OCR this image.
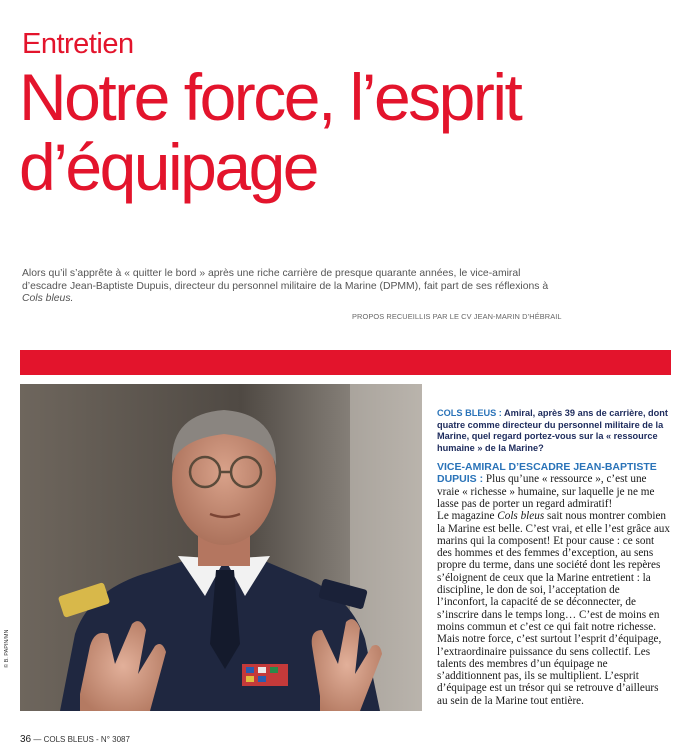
Entretien
Notre force, l’esprit
d’équipage

Alors qu’il s’apprête à « quitter le bord » après une riche carrière de presque quarante années, le vice-amiral d’escadre Jean-Baptiste Dupuis, directeur du personnel militaire de la Marine (DPMM), fait part de ses réflexions à Cols bleus.

PROPOS RECUEILLIS PAR LE CV JEAN-MARIN D’HÉBRAIL
© B. PAPIN/MN

COLS BLEUS : Amiral, après 39 ans de carrière, dont quatre comme directeur du personnel militaire de la Marine, quel regard portez-vous sur la « ressource humaine » de la Marine?

VICE-AMIRAL D’ESCADRE JEAN-BAPTISTE

DUPUIS : Plus qu’une « ressource », c’est une vraie « richesse » humaine, sur laquelle je ne me lasse pas de porter un regard admiratif!
Le magazine Cols bleus sait nous montrer combien la Marine est belle. C’est vrai, et elle l’est grâce aux marins qui la composent! Et pour cause : ce sont des hommes et des femmes d’exception, au sens propre du terme, dans une société dont les repères s’éloignent de ceux que la Marine entretient : la discipline, le don de soi, l’acceptation de l’inconfort, la capacité de se déconnecter, de s’inscrire dans le temps long… C’est de moins en moins commun et c’est ce qui fait notre richesse. Mais notre force, c’est surtout l’esprit d’équipage, l’extraordinaire puissance du sens collectif. Les talents des membres d’un équipage ne s’additionnent pas, ils se multiplient. L’esprit d’équipage est un trésor qui se retrouve d’ailleurs au sein de la Marine tout entière.

36 — COLS BLEUS - N° 3087
